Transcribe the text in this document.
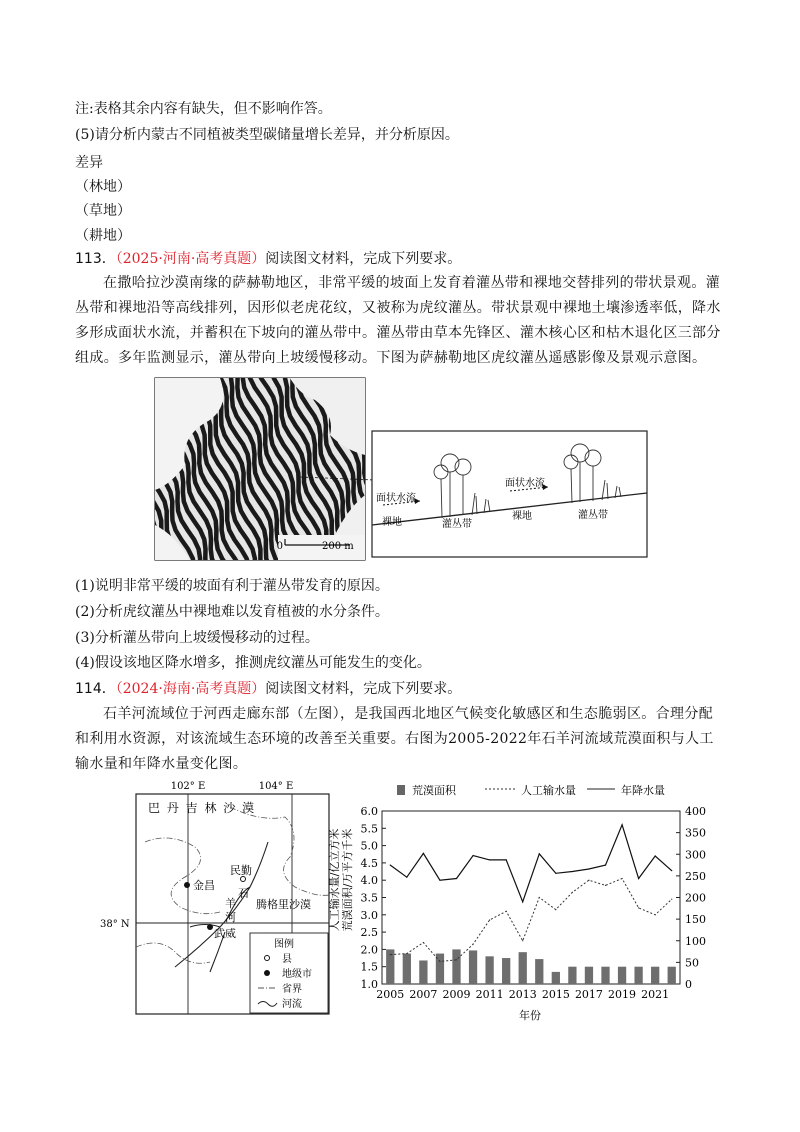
注:表格其余内容有缺失，但不影响作答。
(5)请分析内蒙古不同植被类型碳储量增长差异，并分析原因。
差异
（林地）
（草地）
（耕地）
113．（2025·河南·高考真题）阅读图文材料，完成下列要求。
在撒哈拉沙漠南缘的萨赫勒地区，非常平缓的坡面上发育着灌丛带和裸地交替排列的带状景观。灌丛带和裸地沿等高线排列，因形似老虎花纹，又被称为虎纹灌丛。带状景观中裸地土壤渗透率低，降水多形成面状水流，并蓄积在下坡向的灌丛带中。灌丛带由草本先锋区、灌木核心区和枯木退化区三部分组成。多年监测显示，灌丛带向上坡缓慢移动。下图为萨赫勒地区虎纹灌丛遥感影像及景观示意图。
0	200 m
面状水流
裸地	灌丛带
面状水流
裸地	灌丛带
(1)说明非常平缓的坡面有利于灌丛带发育的原因。
(2)分析虎纹灌丛中裸地难以发育植被的水分条件。
(3)分析灌丛带向上坡缓慢移动的过程。
(4)假设该地区降水增多，推测虎纹灌丛可能发生的变化。
114．（2024·海南·高考真题）阅读图文材料，完成下列要求。
石羊河流域位于河西走廊东部（左图），是我国西北地区气候变化敏感区和生态脆弱区。合理分配和利用水资源，对该流域生态环境的改善至关重要。右图为2005-2022年石羊河流域荒漠面积与人工输水量和年降水量变化图。
102° E	104° E
38° N
巴 丹 吉 林 沙 漠
民勤
金昌
武威
石
羊
河
腾格里沙漠
图例
县
地级市
省界
河流
荒漠面积	人工输水量	年降水量
1.0
1.5
2.0
2.5
3.0
3.5
4.0
4.5
5.0
5.5
6.0
0
50
100
150
200
250
300
350
400
2005 2007 2009 2011 2013 2015 2017 2019 2021
人工输水量/亿立方米 荒漠面积/万平方千米
年份
